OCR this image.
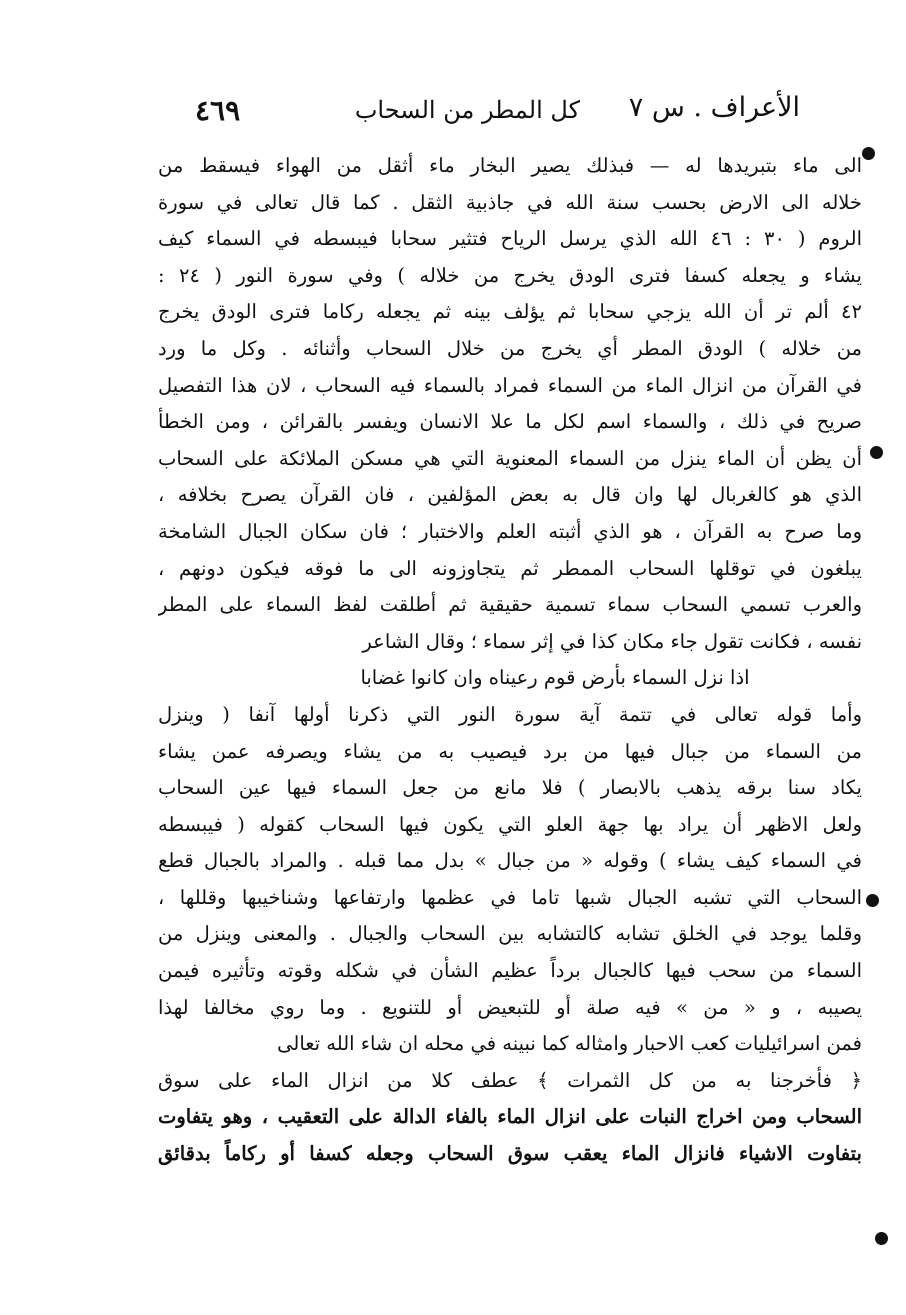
الأعراف . س ٧
كل المطر من السحاب
٤٦٩
الى ماء بتبريدها له — فبذلك يصير البخار ماء أثقل من الهواء فيسقط من
خلاله الى الارض بحسب سنة الله في جاذبية الثقل . كما قال تعالى في سورة
الروم ( ٣٠ : ٤٦ الله الذي يرسل الرياح فتثير سحابا فيبسطه في السماء كيف
يشاء و يجعله كسفا فترى الودق يخرج من خلاله ) وفي سورة النور ( ٢٤ :
٤٢ ألم تر أن الله يزجي سحابا ثم يؤلف بينه ثم يجعله ركاما فترى الودق يخرج
من خلاله ) الودق المطر أي يخرج من خلال السحاب وأثنائه . وكل ما ورد
في القرآن من انزال الماء من السماء فمراد بالسماء فيه السحاب ، لان هذا التفصيل
صريح في ذلك ، والسماء اسم لكل ما علا الانسان ويفسر بالقرائن ، ومن الخطأ
أن يظن أن الماء ينزل من السماء المعنوية التي هي مسكن الملائكة على السحاب
الذي هو كالغربال لها وان قال به بعض المؤلفين ، فان القرآن يصرح بخلافه ،
وما صرح به القرآن ، هو الذي أثبته العلم والاختبار ؛ فان سكان الجبال الشامخة
يبلغون في توقلها السحاب الممطر ثم يتجاوزونه الى ما فوقه فيكون دونهم ،
والعرب تسمي السحاب سماء تسمية حقيقية ثم أطلقت لفظ السماء على المطر
نفسه ، فكانت تقول جاء مكان كذا في إثر سماء ؛ وقال الشاعر
اذا نزل السماء بأرض قوم رعيناه وان كانوا غضابا
وأما قوله تعالى في تتمة آية سورة النور التي ذكرنا أولها آنفا ( وينزل
من السماء من جبال فيها من برد فيصيب به من يشاء ويصرفه عمن يشاء
يكاد سنا برقه يذهب بالابصار ) فلا مانع من جعل السماء فيها عين السحاب
ولعل الاظهر أن يراد بها جهة العلو التي يكون فيها السحاب كقوله ( فيبسطه
في السماء كيف يشاء ) وقوله « من جبال » بدل مما قبله . والمراد بالجبال قطع
السحاب التي تشبه الجبال شبها تاما في عظمها وارتفاعها وشناخيبها وقللها ،
وقلما يوجد في الخلق تشابه كالتشابه بين السحاب والجبال . والمعنى وينزل من
السماء من سحب فيها كالجبال برداً عظيم الشأن في شكله وقوته وتأثيره فيمن
يصيبه ، و « من » فيه صلة أو للتبعيض أو للتنويع . وما روي مخالفا لهذا
فمن اسرائيليات كعب الاحبار وامثاله كما نبينه في محله ان شاء الله تعالى
﴿ فأخرجنا به من كل الثمرات ﴾ عطف كلا من انزال الماء على سوق
السحاب ومن اخراج النبات على انزال الماء بالفاء الدالة على التعقيب ، وهو يتفاوت
بتفاوت الاشياء فانزال الماء يعقب سوق السحاب وجعله كسفا أو ركاماً بدقائق
